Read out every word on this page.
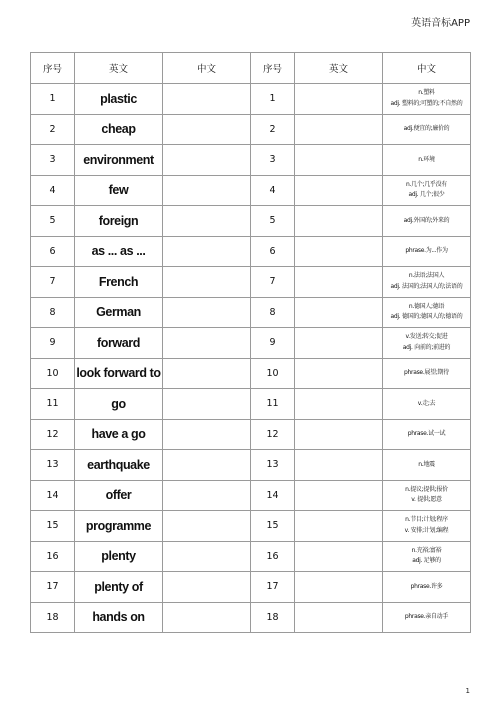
英语音标APP
序号	英文	中文	序号	英文	中文
1	plastic		1		n.塑料
adj. 塑料的;可塑的;不自然的

2	cheap		2		adj.便宜的;廉价的

3	environment		3		n.环境

4	few		4		n.几个;几乎没有
adj. 几个;很少

5	foreign		5		adj.外国的;外来的

6	as ... as ...		6		phrase.为...作为

7	French		7		n.法语;法国人
adj. 法国的;法国人的;法语的

8	German		8		n.德国人;德语
adj. 德国的;德国人的;德语的

9	forward		9		v.发送;转交;促进
adj. 向前的;前进的

10	look forward to		10		phrase.展望;期待

11	go		11		v.走;去

12	have a go		12		phrase.试一试

13	earthquake		13		n.地震

14	offer		14		n.提议;提供;报价
v. 提供;愿意

15	programme		15		n.节目;计划;程序
v. 安排;计划;编程

16	plenty		16		n.充裕;富裕
adj. 足够的

17	plenty of		17		phrase.许多

18	hands on		18		phrase.亲自动手
1
